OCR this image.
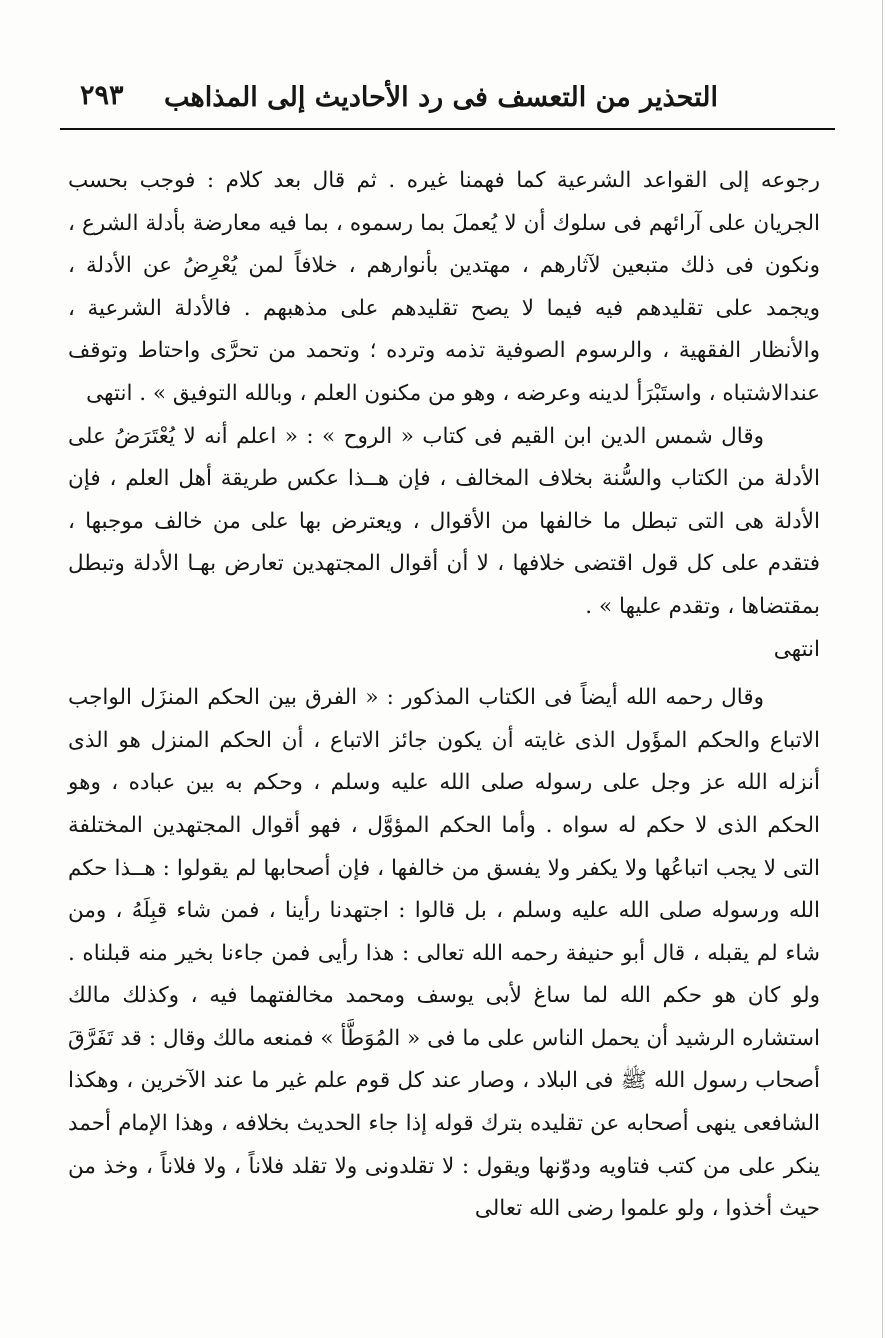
التحذير من التعسف فى رد الأحاديث إلى المذاهب
٢٩٣

رجوعه إلى القواعد الشرعية كما فهمنا غيره . ثم قال بعد كلام : فوجب بحسب الجريان على آرائهم فى سلوك أن لا يُعملَ بما رسموه ، بما فيه معارضة بأدلة الشرع ، ونكون فى ذلك متبعين لآثارهم ، مهتدين بأنوارهم ، خلافاً لمن يُعْرِضُ عن الأدلة ، ويجمد على تقليدهم فيه فيما لا يصح تقليدهم على مذهبهم . فالأدلة الشرعية ، والأنظار الفقهية ، والرسوم الصوفية تذمه وترده ؛ وتحمد من تحرَّى واحتاط وتوقف عندالاشتباه ، واستَبْرَأ لدينه وعرضه ، وهو من مكنون العلم ، وبالله التوفيق » . انتهى

وقال شمس الدين ابن القيم فى كتاب « الروح » : « اعلم أنه لا يُعْتَرَضُ على الأدلة من الكتاب والسُّنة بخلاف المخالف ، فإن هــذا عكس طريقة أهل العلم ، فإن الأدلة هى التى تبطل ما خالفها من الأقوال ، ويعترض بها على من خالف موجبها ، فتقدم على كل قول اقتضى خلافها ، لا أن أقوال المجتهدين تعارض بهـا الأدلة وتبطل بمقتضاها ، وتقدم عليها » .

انتهى

وقال رحمه الله أيضاً فى الكتاب المذكور : « الفرق بين الحكم المنزَل الواجب الاتباع والحكم المؤَول الذى غايته أن يكون جائز الاتباع ، أن الحكم المنزل هو الذى أنزله الله عز وجل على رسوله صلى الله عليه وسلم ، وحكم به بين عباده ، وهو الحكم الذى لا حكم له سواه . وأما الحكم المؤوَّل ، فهو أقوال المجتهدين المختلفة التى لا يجب اتباعُها ولا يكفر ولا يفسق من خالفها ، فإن أصحابها لم يقولوا : هــذا حكم الله ورسوله صلى الله عليه وسلم ، بل قالوا : اجتهدنا رأينا ، فمن شاء قبِلَهُ ، ومن شاء لم يقبله ، قال أبو حنيفة رحمه الله تعالى : هذا رأيى فمن جاءنا بخير منه قبلناه . ولو كان هو حكم الله لما ساغ لأبى يوسف ومحمد مخالفتهما فيه ، وكذلك مالك استشاره الرشيد أن يحمل الناس على ما فى « المُوَطَّأ » فمنعه مالك وقال : قد تَفَرَّقَ أصحاب رسول الله ﷺ فى البلاد ، وصار عند كل قوم علم غير ما عند الآخرين ، وهكذا الشافعى ينهى أصحابه عن تقليده بترك قوله إذا جاء الحديث بخلافه ، وهذا الإمام أحمد ينكر على من كتب فتاويه ودوّنها ويقول : لا تقلدونى ولا تقلد فلاناً ، ولا فلاناً ، وخذ من حيث أخذوا ، ولو علموا رضى الله تعالى
